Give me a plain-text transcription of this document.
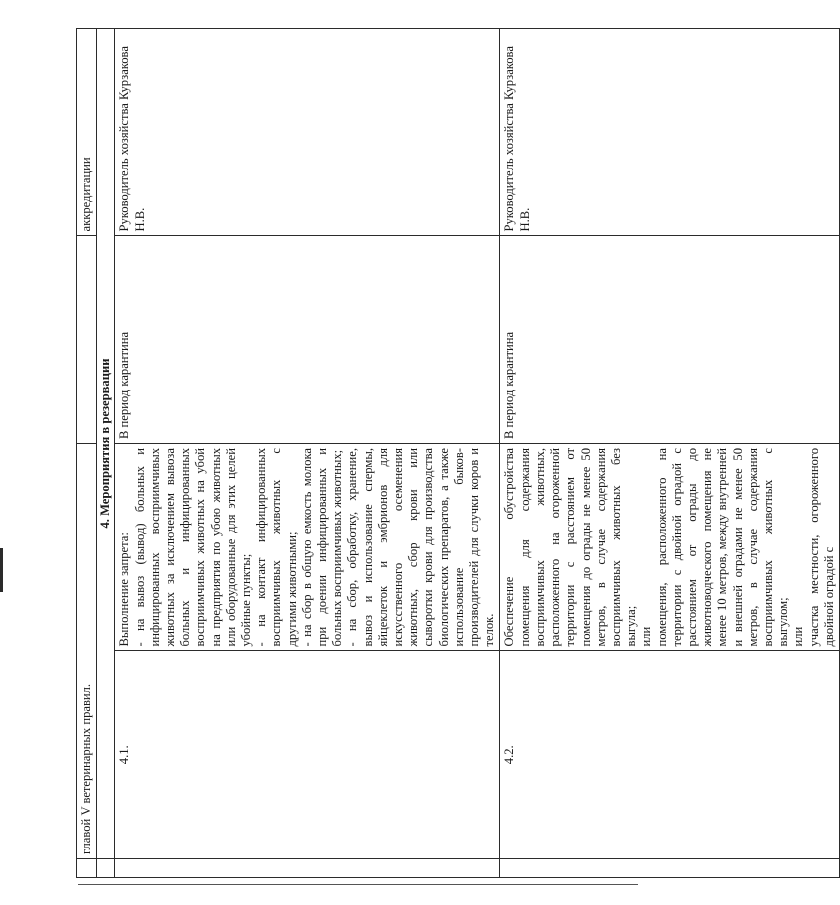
	главой V ветеринарных правил.			аккредитации
	4. Мероприятия в резервации			
	4.1.	Выполнение запрета: - на вывоз (вывод) больных и инфицированных восприимчивых животных за исключением вывоза больных и инфицированных восприимчивых животных на убой на предприятия по убою животных или оборудованные для этих целей убойные пункты; - на контакт инфицированных восприимчивых животных с другими животными; - на сбор в общую емкость молока при доении инфицированных и больных восприимчивых животных; - на сбор, обработку, хранение, вывоз и использование спермы, яйцеклеток и эмбрионов для искусственного осеменения животных, сбор крови или сыворотки крови для производства биологических препаратов, а также использование быков-производителей для случки коров и телок.	В период карантина	Руководитель хозяйства Курзакова Н.В.
	4.2.	Обеспечение обустройства помещения для содержания восприимчивых животных, расположенного на огороженной территории с расстоянием от помещения до ограды не менее 50 метров, в случае содержания восприимчивых животных без выгула; или помещения, расположенного на территории с двойной оградой с расстоянием от ограды до животноводческого помещения не менее 10 метров, между внутренней и внешней оградами не менее 50 метров, в случае содержания восприимчивых животных с выгулом; или участка местности, огороженного двойной оградой с	В период карантина	Руководитель хозяйства Курзакова Н.В.
